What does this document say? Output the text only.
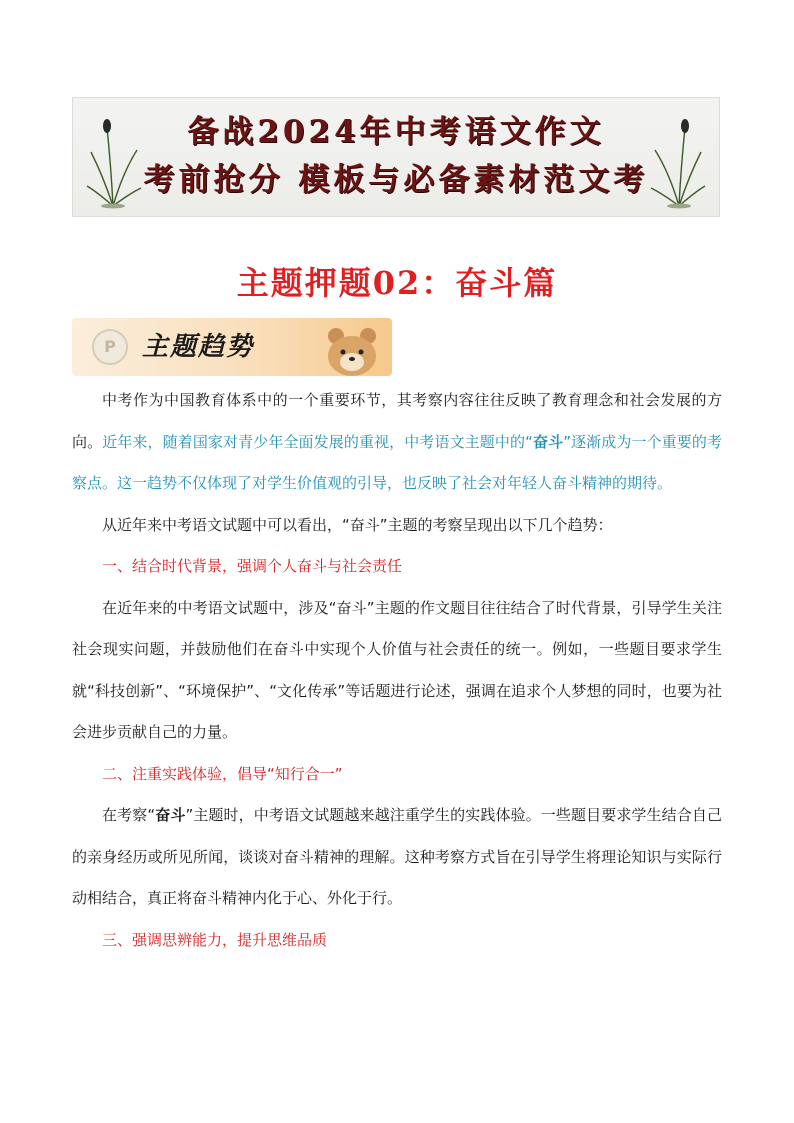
备战2024年中考语文作文
考前抢分 模板与必备素材范文考
主题押题02：奋斗篇
P
主题趋势

中考作为中国教育体系中的一个重要环节，其考察内容往往反映了教育理念和社会发展的方向。近年来，随着国家对青少年全面发展的重视，中考语文主题中的“奋斗”逐渐成为一个重要的考察点。这一趋势不仅体现了对学生价值观的引导，也反映了社会对年轻人奋斗精神的期待。

从近年来中考语文试题中可以看出，“奋斗”主题的考察呈现出以下几个趋势：

一、结合时代背景，强调个人奋斗与社会责任

在近年来的中考语文试题中，涉及“奋斗”主题的作文题目往往结合了时代背景，引导学生关注社会现实问题，并鼓励他们在奋斗中实现个人价值与社会责任的统一。例如，一些题目要求学生就“科技创新”、“环境保护”、“文化传承”等话题进行论述，强调在追求个人梦想的同时，也要为社会进步贡献自己的力量。

二、注重实践体验，倡导“知行合一”

在考察“奋斗”主题时，中考语文试题越来越注重学生的实践体验。一些题目要求学生结合自己的亲身经历或所见所闻，谈谈对奋斗精神的理解。这种考察方式旨在引导学生将理论知识与实际行动相结合，真正将奋斗精神内化于心、外化于行。

三、强调思辨能力，提升思维品质
